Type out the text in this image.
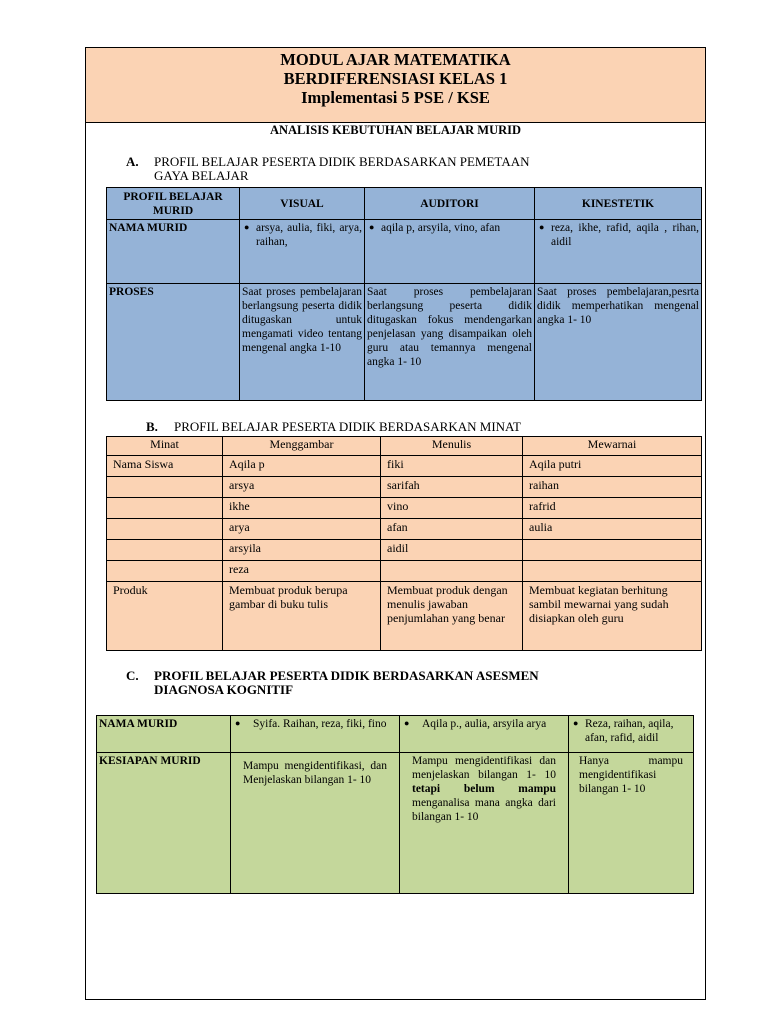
MODUL AJAR MATEMATIKA
BERDIFERENSIASI KELAS 1
Implementasi 5 PSE / KSE
ANALISIS KEBUTUHAN BELAJAR MURID
A. PROFIL BELAJAR PESERTA DIDIK BERDASARKAN PEMETAAN
GAYA BELAJAR
PROFIL BELAJAR MURID	VISUAL	AUDITORI	KINESTETIK
NAMA MURID	● arsya, aulia, fiki, arya, raihan,	● aqila p, arsyila, vino, afan	● reza, ikhe, rafid, aqila , rihan, aidil
PROSES	Saat proses pembelajaran berlangsung peserta didik ditugaskan untuk mengamati video tentang mengenal angka 1-10	Saat proses pembelajaran berlangsung peserta didik ditugaskan fokus mendengarkan penjelasan yang disampaikan oleh guru atau temannya mengenal angka 1- 10	Saat proses pembelajaran,pesrta didik memperhatikan mengenal angka 1- 10
B. PROFIL BELAJAR PESERTA DIDIK BERDASARKAN MINAT
Minat	Menggambar	Menulis	Mewarnai
Nama Siswa	Aqila p	fiki	Aqila putri
	arsya	sarifah	raihan
	ikhe	vino	rafrid
	arya	afan	aulia
	arsyila	aidil	
	reza		
Produk	Membuat produk berupa gambar di buku tulis	Membuat produk dengan menulis jawaban penjumlahan yang benar	Membuat kegiatan berhitung sambil mewarnai yang sudah disiapkan oleh guru
C. PROFIL BELAJAR PESERTA DIDIK BERDASARKAN ASESMEN
DIAGNOSA KOGNITIF
NAMA MURID	● Syifa. Raihan, reza, fiki, fino	● Aqila p., aulia, arsyila arya	● Reza, raihan, aqila, afan, rafid, aidil
KESIAPAN MURID	Mampu mengidentifikasi, dan Menjelaskan bilangan 1- 10	Mampu mengidentifikasi dan menjelaskan bilangan 1- 10 tetapi belum mampu menganalisa mana angka dari bilangan 1- 10	Hanya mampu mengidentifikasi bilangan 1- 10
